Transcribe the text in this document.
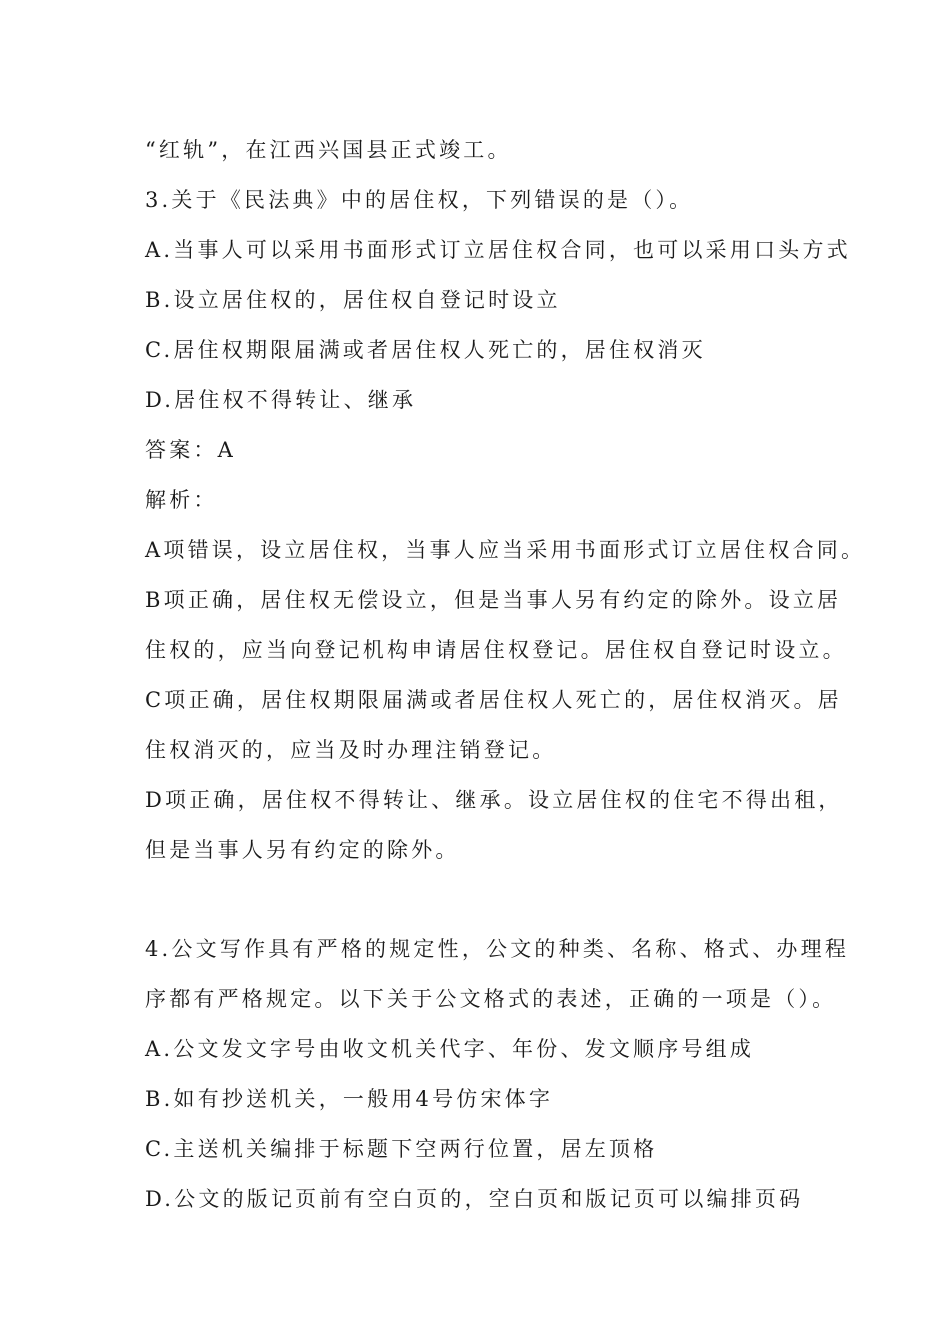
“红轨”，在江西兴国县正式竣工。
3.关于《民法典》中的居住权，下列错误的是（）。
A.当事人可以采用书面形式订立居住权合同，也可以采用口头方式
B.设立居住权的，居住权自登记时设立
C.居住权期限届满或者居住权人死亡的，居住权消灭
D.居住权不得转让、继承
答案：A
解析：
A项错误，设立居住权，当事人应当采用书面形式订立居住权合同。
B项正确，居住权无偿设立，但是当事人另有约定的除外。设立居
住权的，应当向登记机构申请居住权登记。居住权自登记时设立。
C项正确，居住权期限届满或者居住权人死亡的，居住权消灭。居
住权消灭的，应当及时办理注销登记。
D项正确，居住权不得转让、继承。设立居住权的住宅不得出租，
但是当事人另有约定的除外。
4.公文写作具有严格的规定性，公文的种类、名称、格式、办理程
序都有严格规定。以下关于公文格式的表述，正确的一项是（）。
A.公文发文字号由收文机关代字、年份、发文顺序号组成
B.如有抄送机关，一般用4号仿宋体字
C.主送机关编排于标题下空两行位置，居左顶格
D.公文的版记页前有空白页的，空白页和版记页可以编排页码
